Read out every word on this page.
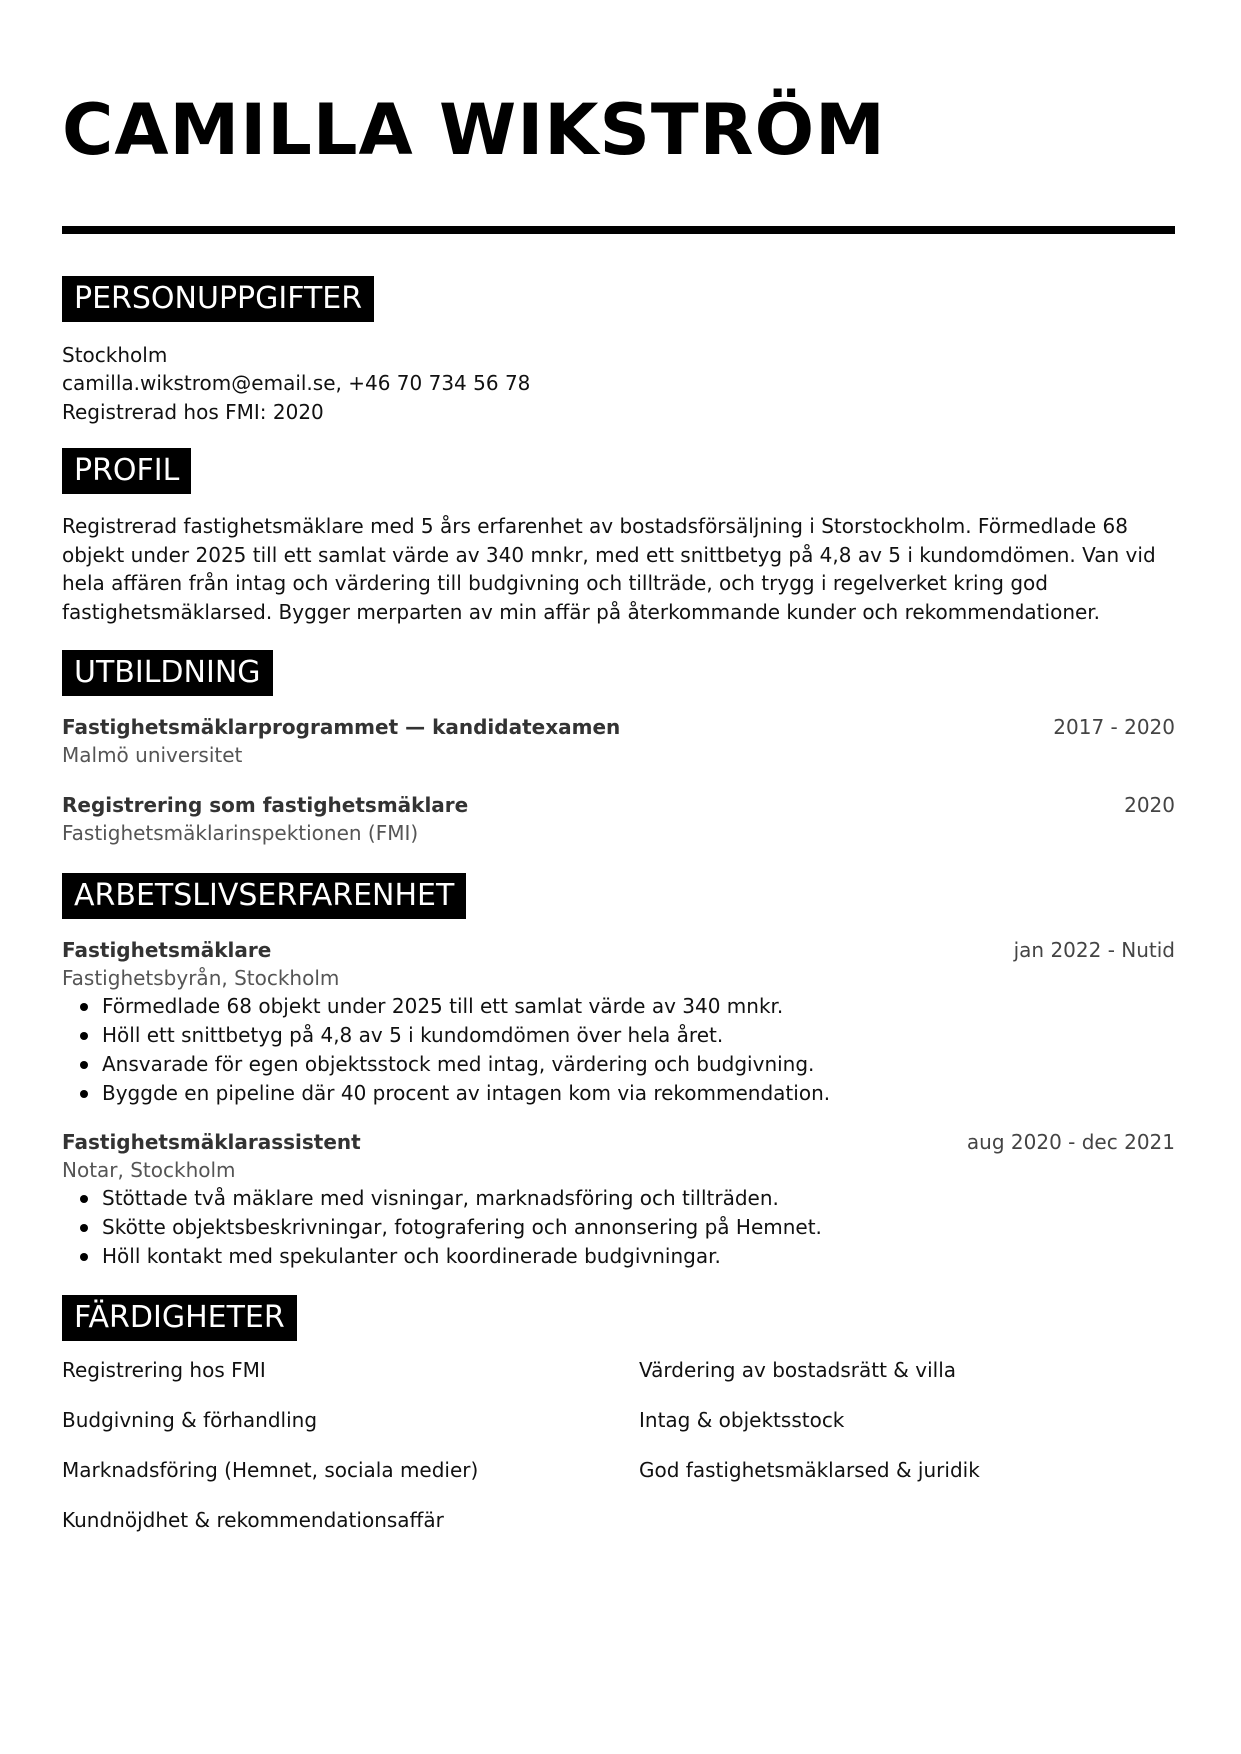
CAMILLA WIKSTRÖM
PERSONUPPGIFTER
Stockholm
camilla.wikstrom@email.se, +46 70 734 56 78
Registrerad hos FMI: 2020
PROFIL
Registrerad fastighetsmäklare med 5 års erfarenhet av bostadsförsäljning i Storstockholm. Förmedlade 68 objekt under 2025 till ett samlat värde av 340 mnkr, med ett snittbetyg på 4,8 av 5 i kundomdömen. Van vid hela affären från intag och värdering till budgivning och tillträde, och trygg i regelverket kring god fastighetsmäklarsed. Bygger merparten av min affär på återkommande kunder och rekommendationer.
UTBILDNING
Fastighetsmäklarprogrammet — kandidatexamen	2017 - 2020
Malmö universitet
Registrering som fastighetsmäklare	2020
Fastighetsmäklarinspektionen (FMI)
ARBETSLIVSERFARENHET
Fastighetsmäklare	jan 2022 - Nutid
Fastighetsbyrån, Stockholm
Förmedlade 68 objekt under 2025 till ett samlat värde av 340 mnkr.
Höll ett snittbetyg på 4,8 av 5 i kundomdömen över hela året.
Ansvarade för egen objektsstock med intag, värdering och budgivning.
Byggde en pipeline där 40 procent av intagen kom via rekommendation.
Fastighetsmäklarassistent	aug 2020 - dec 2021
Notar, Stockholm
Stöttade två mäklare med visningar, marknadsföring och tillträden.
Skötte objektsbeskrivningar, fotografering och annonsering på Hemnet.
Höll kontakt med spekulanter och koordinerade budgivningar.
FÄRDIGHETER
Registrering hos FMI	Värdering av bostadsrätt & villa
Budgivning & förhandling	Intag & objektsstock
Marknadsföring (Hemnet, sociala medier)	God fastighetsmäklarsed & juridik
Kundnöjdhet & rekommendationsaffär
